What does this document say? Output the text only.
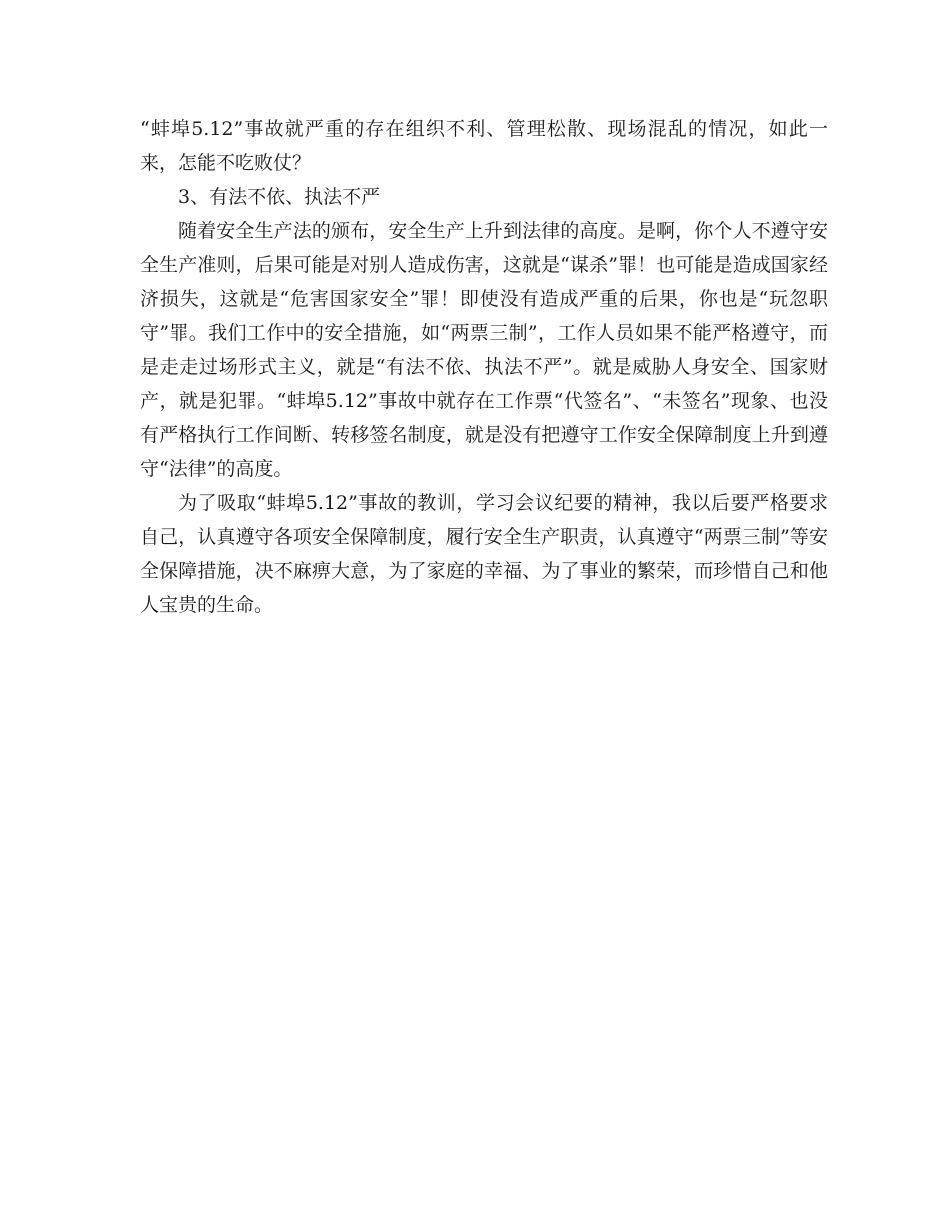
“蚌埠5.12”事故就严重的存在组织不利、管理松散、现场混乱的情况，如此一来，怎能不吃败仗？

3、有法不依、执法不严

随着安全生产法的颁布，安全生产上升到法律的高度。是啊，你个人不遵守安全生产准则，后果可能是对别人造成伤害，这就是“谋杀”罪！也可能是造成国家经济损失，这就是“危害国家安全”罪！即使没有造成严重的后果，你也是“玩忽职守”罪。我们工作中的安全措施，如“两票三制”，工作人员如果不能严格遵守，而是走走过场形式主义，就是“有法不依、执法不严”。就是威胁人身安全、国家财产，就是犯罪。“蚌埠5.12”事故中就存在工作票“代签名”、“未签名”现象、也没有严格执行工作间断、转移签名制度，就是没有把遵守工作安全保障制度上升到遵守“法律”的高度。

为了吸取“蚌埠5.12”事故的教训，学习会议纪要的精神，我以后要严格要求自己，认真遵守各项安全保障制度，履行安全生产职责，认真遵守“两票三制”等安全保障措施，决不麻痹大意，为了家庭的幸福、为了事业的繁荣，而珍惜自己和他人宝贵的生命。
